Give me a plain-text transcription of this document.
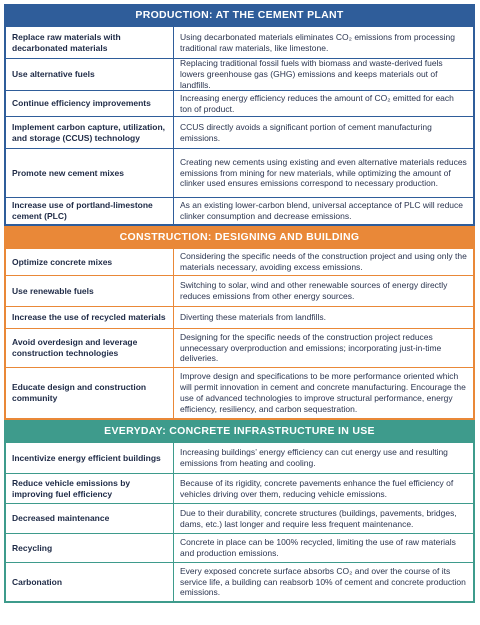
PRODUCTION: AT THE CEMENT PLANT
Replace raw materials with decarbonated materials
Using decarbonated materials eliminates CO₂ emissions from processing traditional raw materials, like limestone.
Use alternative fuels
Replacing traditional fossil fuels with biomass and waste-derived fuels lowers greenhouse gas (GHG) emissions and keeps materials out of landfills.
Continue efficiency improvements
Increasing energy efficiency reduces the amount of CO₂ emitted for each ton of product.
Implement carbon capture, utilization, and storage (CCUS) technology
CCUS directly avoids a significant portion of cement manufacturing emissions.
Promote new cement mixes
Creating new cements using existing and even alternative materials reduces emissions from mining for new materials, while optimizing the amount of clinker used ensures emissions correspond to necessary production.
Increase use of portland-limestone cement (PLC)
As an existing lower-carbon blend, universal acceptance of PLC will reduce clinker consumption and decrease emissions.
CONSTRUCTION: DESIGNING AND BUILDING
Optimize concrete mixes
Considering the specific needs of the construction project and using only the materials necessary, avoiding excess emissions.
Use renewable fuels
Switching to solar, wind and other renewable sources of energy directly reduces emissions from other energy sources.
Increase the use of recycled materials	Diverting these materials from landfills.
Avoid overdesign and leverage construction technologies
Designing for the specific needs of the construction project reduces unnecessary overproduction and emissions; incorporating just-in-time deliveries.
Educate design and construction community
Improve design and specifications to be more performance oriented which will permit innovation in cement and concrete manufacturing. Encourage the use of advanced technologies to improve structural performance, energy efficiency, resiliency, and carbon sequestration.
EVERYDAY: CONCRETE INFRASTRUCTURE IN USE
Incentivize energy efficient buildings
Increasing buildings’ energy efficiency can cut energy use and resulting emissions from heating and cooling.
Reduce vehicle emissions by improving fuel efficiency
Because of its rigidity, concrete pavements enhance the fuel efficiency of vehicles driving over them, reducing vehicle emissions.
Decreased maintenance
Due to their durability, concrete structures (buildings, pavements, bridges, dams, etc.) last longer and require less frequent maintenance.
Recycling
Concrete in place can be 100% recycled, limiting the use of raw materials and production emissions.
Carbonation
Every exposed concrete surface absorbs CO₂ and over the course of its service life, a building can reabsorb 10% of cement and concrete production emissions.
